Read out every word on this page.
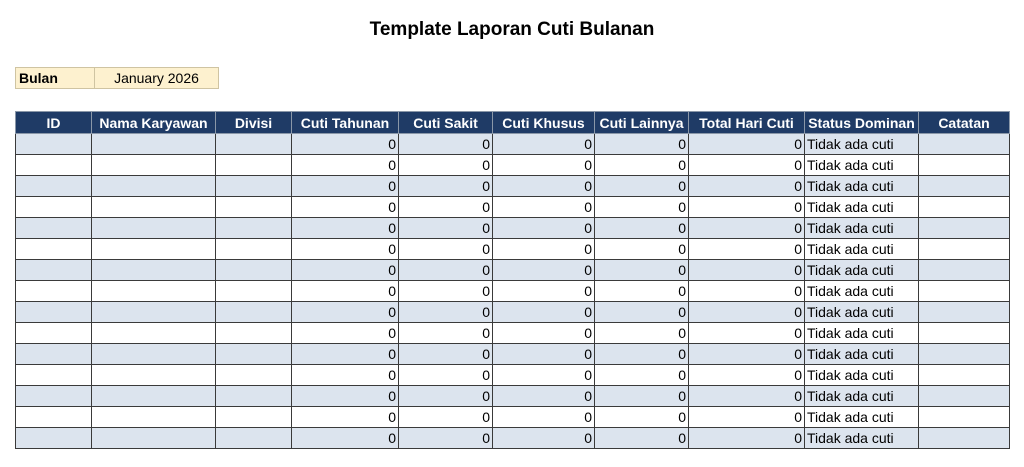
Template Laporan Cuti Bulanan
Bulan	January 2026
ID	Nama Karyawan	Divisi	Cuti Tahunan	Cuti Sakit	Cuti Khusus	Cuti Lainnya	Total Hari Cuti	Status Dominan	Catatan
			0	0	0	0	0	Tidak ada cuti	
			0	0	0	0	0	Tidak ada cuti	
			0	0	0	0	0	Tidak ada cuti	
			0	0	0	0	0	Tidak ada cuti	
			0	0	0	0	0	Tidak ada cuti	
			0	0	0	0	0	Tidak ada cuti	
			0	0	0	0	0	Tidak ada cuti	
			0	0	0	0	0	Tidak ada cuti	
			0	0	0	0	0	Tidak ada cuti	
			0	0	0	0	0	Tidak ada cuti	
			0	0	0	0	0	Tidak ada cuti	
			0	0	0	0	0	Tidak ada cuti	
			0	0	0	0	0	Tidak ada cuti	
			0	0	0	0	0	Tidak ada cuti	
			0	0	0	0	0	Tidak ada cuti	
